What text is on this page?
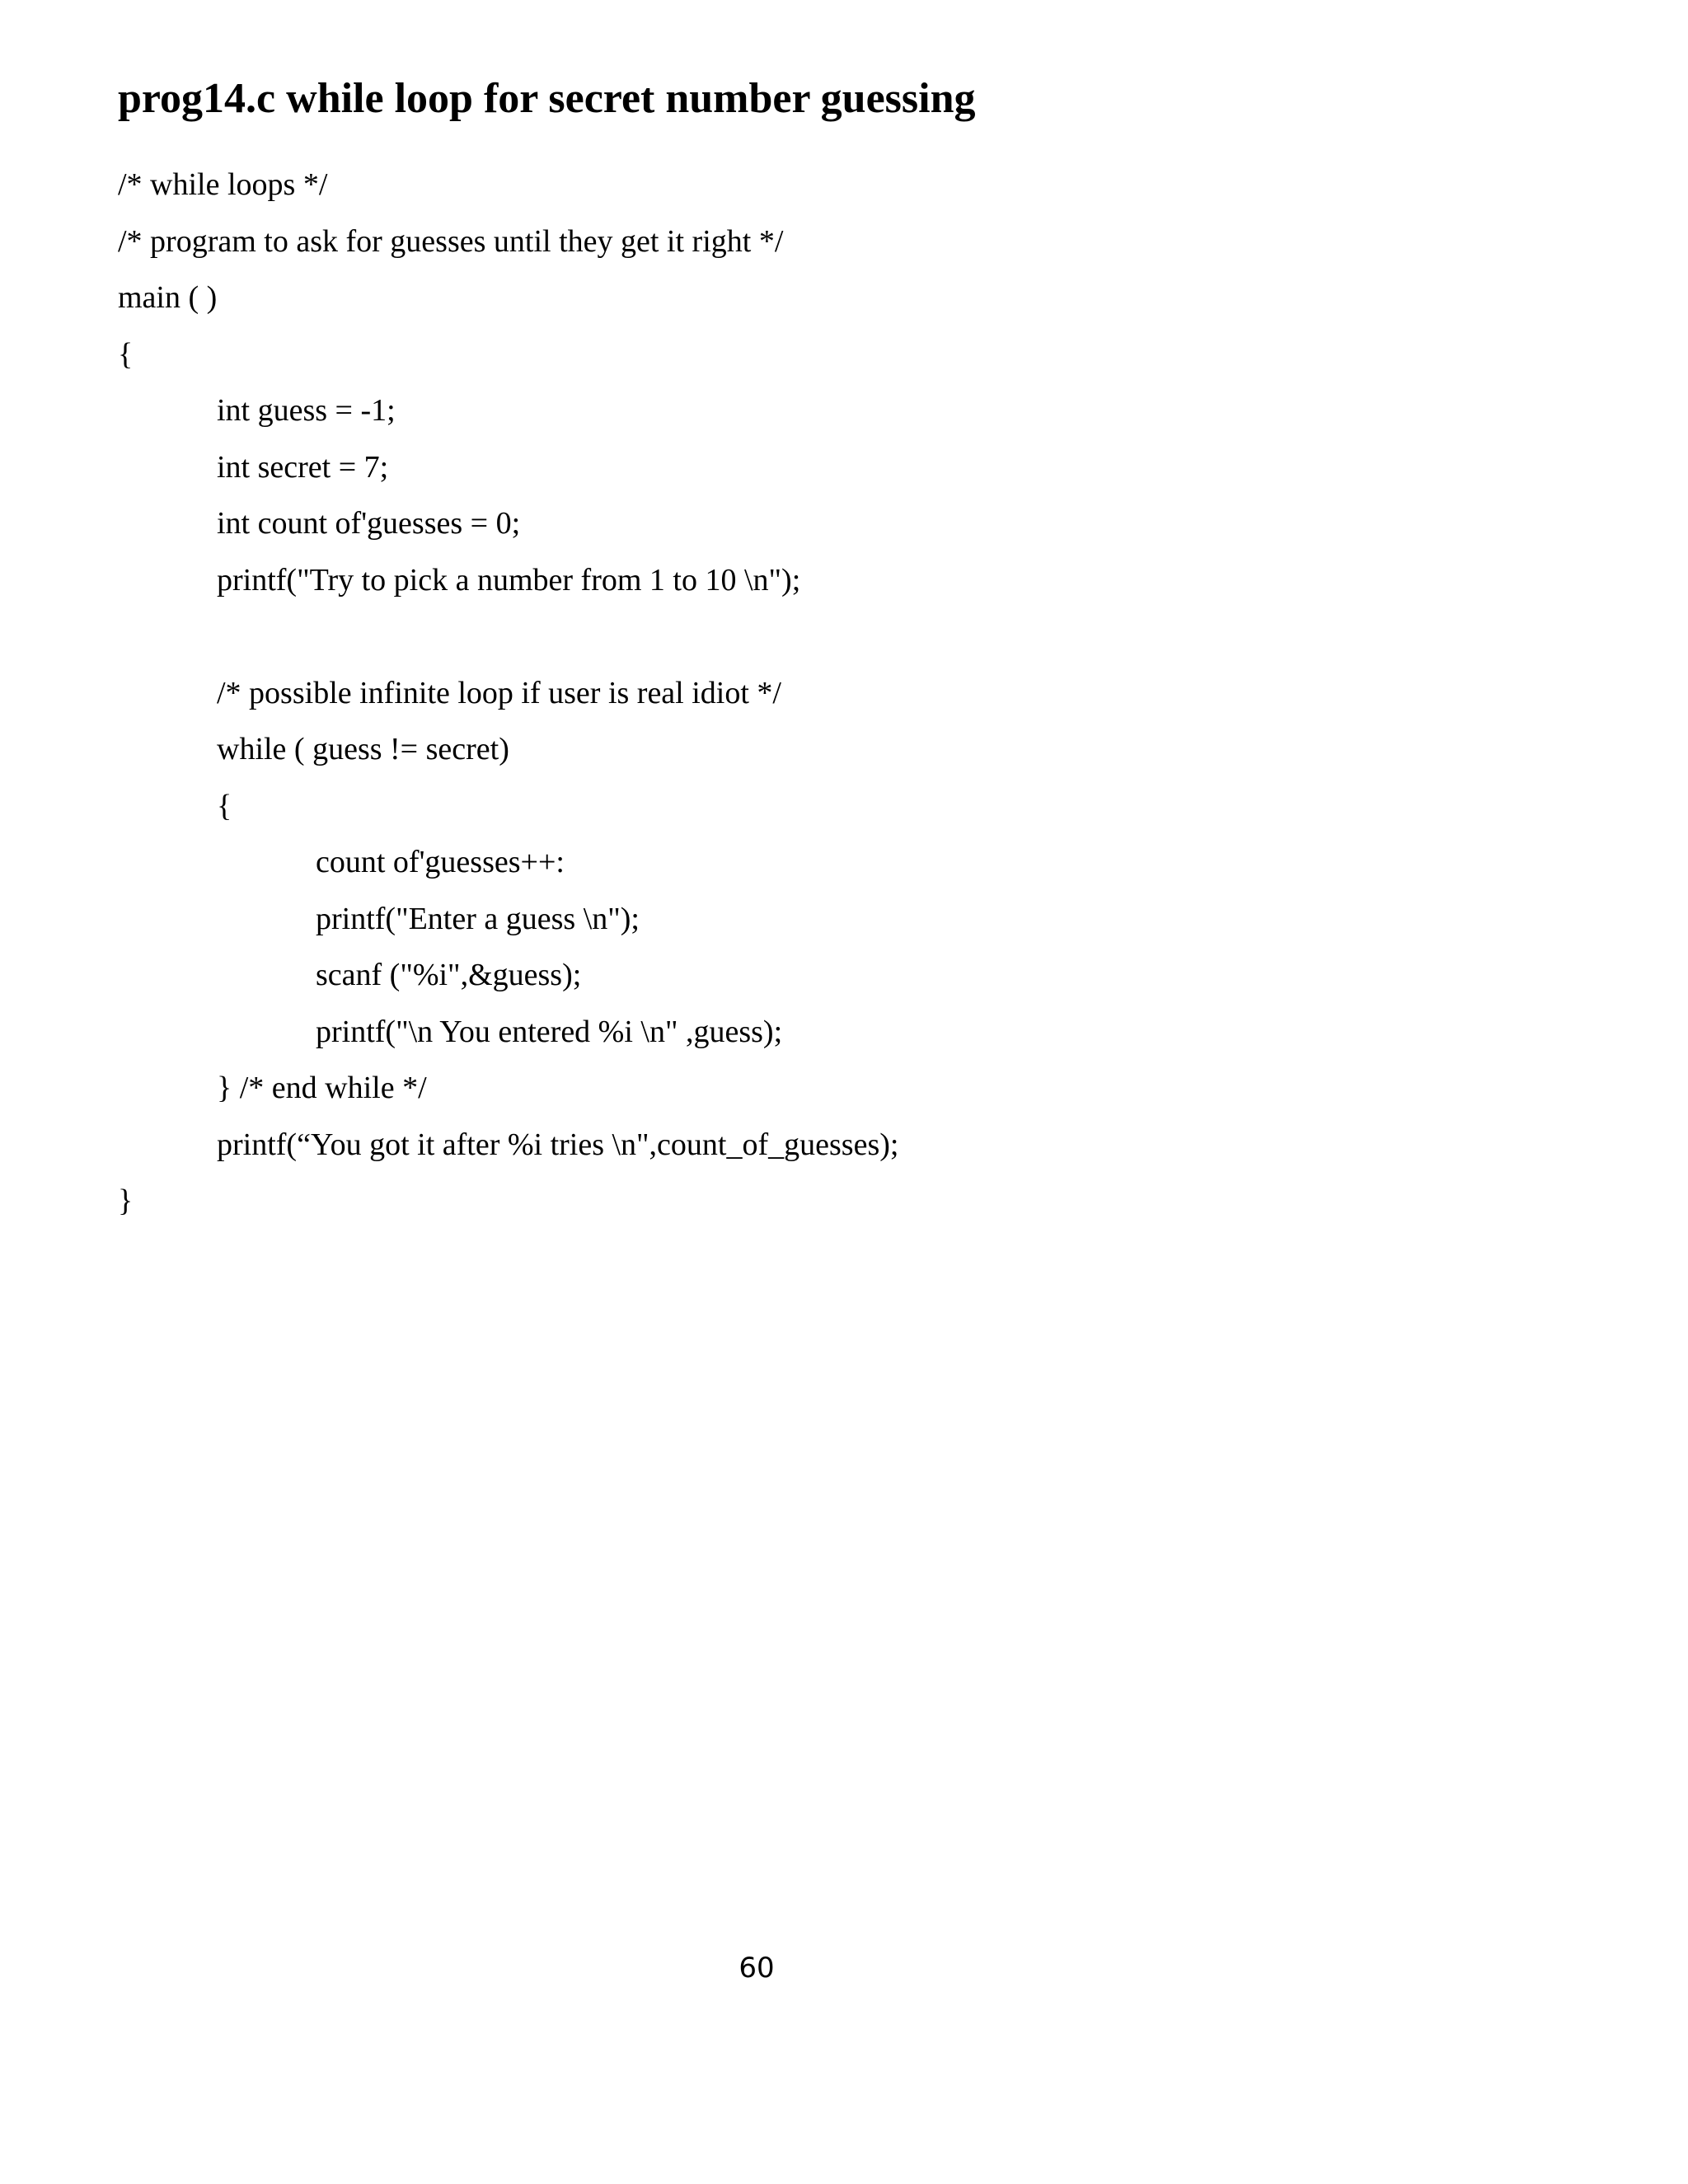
prog14.c while loop for secret number guessing
/* while loops */
/* program to ask for guesses until they get it right */
main ( )
{
int guess = -1;
int secret = 7;
int count of'guesses = 0;
printf("Try to pick a number from 1 to 10 \n");
/* possible infinite loop if user is real idiot */
while ( guess != secret)
{
count of'guesses++:
printf("Enter a guess \n");
scanf ("%i",&guess);
printf("\n You entered %i \n" ,guess);
} /* end while */
printf(“You got it after %i tries \n",count_of_guesses);
}
60
